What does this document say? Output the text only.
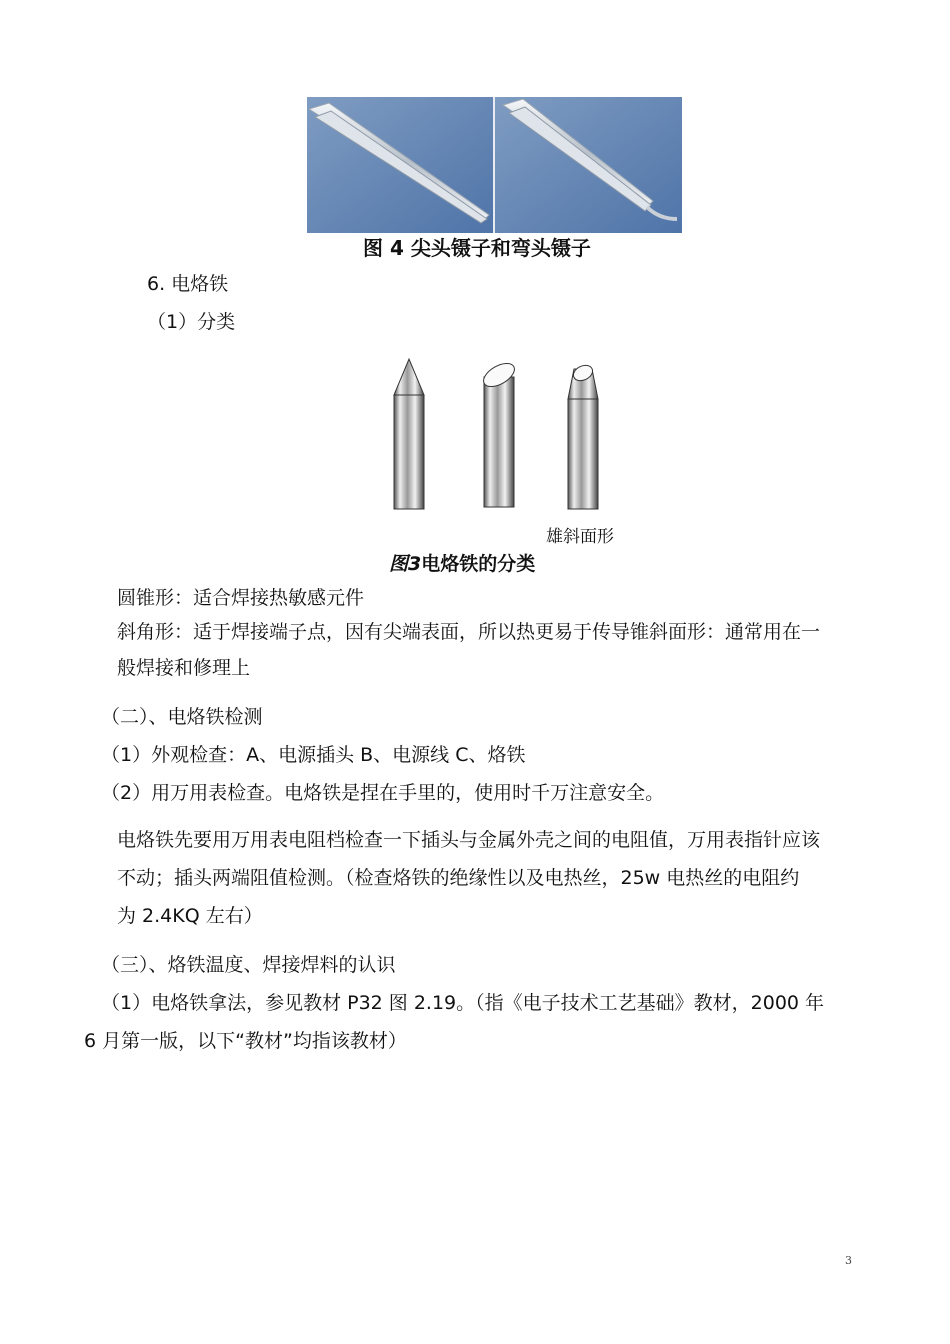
图 4 尖头镊子和弯头镊子
6. 电烙铁
（1）分类
雄斜面形
图3电烙铁的分类
圆锥形：适合焊接热敏感元件
斜角形：适于焊接端子点，因有尖端表面，所以热更易于传导锥斜面形：通常用在一
般焊接和修理上
（二）、电烙铁检测
（1）外观检查：A、电源插头 B、电源线 C、烙铁
（2）用万用表检查。电烙铁是捏在手里的，使用时千万注意安全。
电烙铁先要用万用表电阻档检查一下插头与金属外壳之间的电阻值，万用表指针应该
不动；插头两端阻值检测。（检查烙铁的绝缘性以及电热丝，25w 电热丝的电阻约
为 2.4KQ 左右）
（三）、烙铁温度、焊接焊料的认识
（1）电烙铁拿法，参见教材 P32 图 2.19。（指《电子技术工艺基础》教材，2000 年
6 月第一版，以下“教材”均指该教材）
3
